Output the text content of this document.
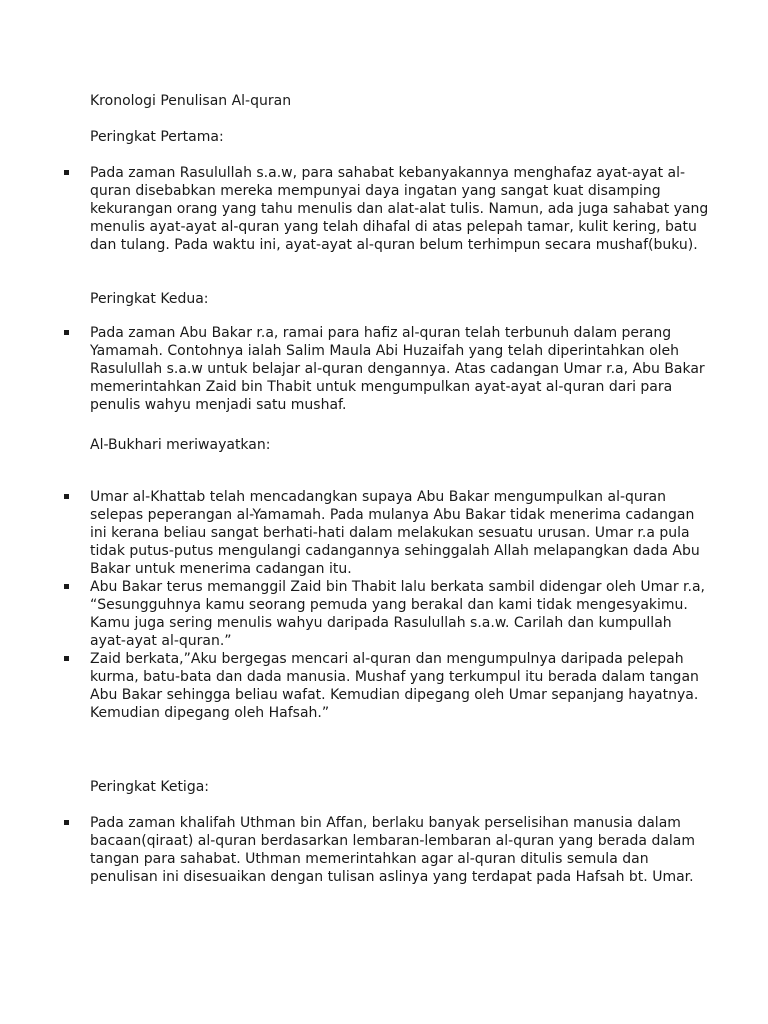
Kronologi Penulisan Al-quran

Peringkat Pertama:

Pada zaman Rasulullah s.a.w, para sahabat kebanyakannya menghafaz ayat-ayat al-
quran disebabkan mereka mempunyai daya ingatan yang sangat kuat disamping
kekurangan orang yang tahu menulis dan alat-alat tulis. Namun, ada juga sahabat yang
menulis ayat-ayat al-quran yang telah dihafal di atas pelepah tamar, kulit kering, batu
dan tulang. Pada waktu ini, ayat-ayat al-quran belum terhimpun secara mushaf(buku).

Peringkat Kedua:

Pada zaman Abu Bakar r.a, ramai para hafiz al-quran telah terbunuh dalam perang
Yamamah. Contohnya ialah Salim Maula Abi Huzaifah yang telah diperintahkan oleh
Rasulullah s.a.w untuk belajar al-quran dengannya. Atas cadangan Umar r.a, Abu Bakar
memerintahkan Zaid bin Thabit untuk mengumpulkan ayat-ayat al-quran dari para
penulis wahyu menjadi satu mushaf.

Al-Bukhari meriwayatkan:

Umar al-Khattab telah mencadangkan supaya Abu Bakar mengumpulkan al-quran
selepas peperangan al-Yamamah. Pada mulanya Abu Bakar tidak menerima cadangan
ini kerana beliau sangat berhati-hati dalam melakukan sesuatu urusan. Umar r.a pula
tidak putus-putus mengulangi cadangannya sehinggalah Allah melapangkan dada Abu
Bakar untuk menerima cadangan itu.
Abu Bakar terus memanggil Zaid bin Thabit lalu berkata sambil didengar oleh Umar r.a,
“Sesungguhnya kamu seorang pemuda yang berakal dan kami tidak mengesyakimu.
Kamu juga sering menulis wahyu daripada Rasulullah s.a.w. Carilah dan kumpullah
ayat-ayat al-quran.”
Zaid berkata,”Aku bergegas mencari al-quran dan mengumpulnya daripada pelepah
kurma, batu-bata dan dada manusia. Mushaf yang terkumpul itu berada dalam tangan
Abu Bakar sehingga beliau wafat. Kemudian dipegang oleh Umar sepanjang hayatnya.
Kemudian dipegang oleh Hafsah.”

Peringkat Ketiga:

Pada zaman khalifah Uthman bin Affan, berlaku banyak perselisihan manusia dalam
bacaan(qiraat) al-quran berdasarkan lembaran-lembaran al-quran yang berada dalam
tangan para sahabat. Uthman memerintahkan agar al-quran ditulis semula dan
penulisan ini disesuaikan dengan tulisan aslinya yang terdapat pada Hafsah bt. Umar.
